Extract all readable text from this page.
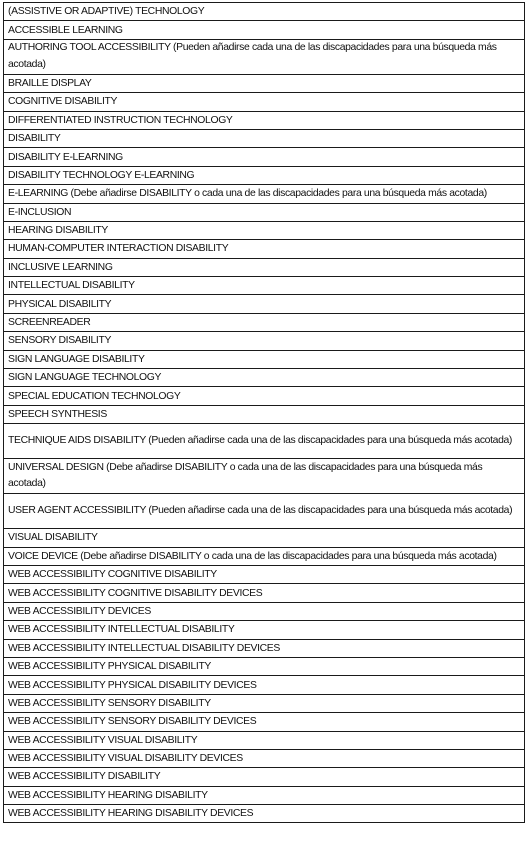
(ASSISTIVE OR ADAPTIVE) TECHNOLOGY

ACCESSIBLE LEARNING

AUTHORING TOOL ACCESSIBILITY (Pueden añadirse cada una de las discapacidades para una búsqueda más acotada)

BRAILLE DISPLAY

COGNITIVE DISABILITY

DIFFERENTIATED INSTRUCTION TECHNOLOGY

DISABILITY

DISABILITY E-LEARNING

DISABILITY TECHNOLOGY E-LEARNING

E-LEARNING (Debe añadirse DISABILITY o cada una de las discapacidades para una búsqueda más acotada)

E-INCLUSION

HEARING DISABILITY

HUMAN-COMPUTER INTERACTION DISABILITY

INCLUSIVE LEARNING

INTELLECTUAL DISABILITY

PHYSICAL DISABILITY

SCREENREADER

SENSORY DISABILITY

SIGN LANGUAGE DISABILITY

SIGN LANGUAGE TECHNOLOGY

SPECIAL EDUCATION TECHNOLOGY

SPEECH SYNTHESIS

TECHNIQUE AIDS DISABILITY (Pueden añadirse cada una de las discapacidades para una búsqueda más acotada)

UNIVERSAL DESIGN (Debe añadirse DISABILITY o cada una de las discapacidades para una búsqueda más acotada)

USER AGENT ACCESSIBILITY (Pueden añadirse cada una de las discapacidades para una búsqueda más acotada)

VISUAL DISABILITY

VOICE DEVICE (Debe añadirse DISABILITY o cada una de las discapacidades para una búsqueda más acotada)

WEB ACCESSIBILITY COGNITIVE DISABILITY

WEB ACCESSIBILITY COGNITIVE DISABILITY DEVICES

WEB ACCESSIBILITY DEVICES

WEB ACCESSIBILITY INTELLECTUAL DISABILITY

WEB ACCESSIBILITY INTELLECTUAL DISABILITY DEVICES

WEB ACCESSIBILITY PHYSICAL DISABILITY

WEB ACCESSIBILITY PHYSICAL DISABILITY DEVICES

WEB ACCESSIBILITY SENSORY DISABILITY

WEB ACCESSIBILITY SENSORY DISABILITY DEVICES

WEB ACCESSIBILITY VISUAL DISABILITY

WEB ACCESSIBILITY VISUAL DISABILITY DEVICES

WEB ACCESSIBILITY DISABILITY

WEB ACCESSIBILITY HEARING DISABILITY

WEB ACCESSIBILITY HEARING DISABILITY DEVICES
